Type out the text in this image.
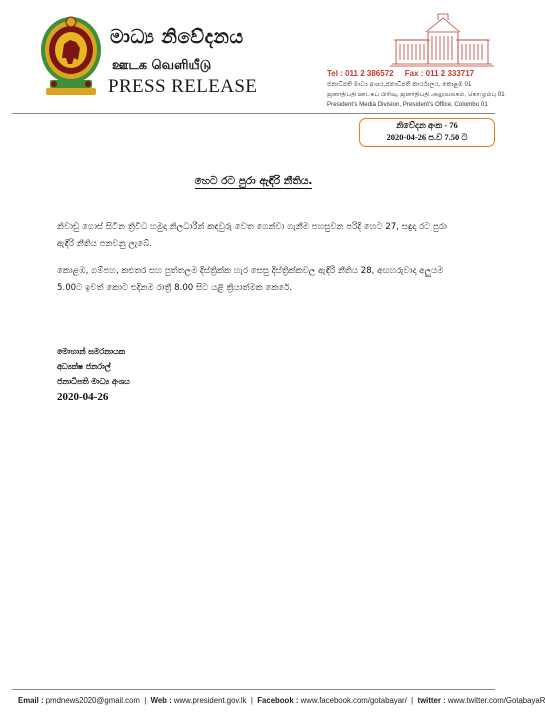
මාධ්‍ය නිවේදනය
ஊடக வெளியீடு
PRESS RELEASE
Tel : 011 2 386572 Fax : 011 2 333717
ජනාධිපති මාධ්‍ය අංශය,ජනාධිපති කාර්යාලය, කොළඹ 01
ஜனாதிபதி ஊடகப் பிரிவு, ஜனாதிபதி அலுவலகம், கொழும்பு 01
President's Media Division, President's Office, Colombo 01
නිවේදන අංක - 76
2020-04-26 ප.ව 7.50 ට
හෙට රට පුරා ඇඳිරි නීතිය.
නිවාඩු ගොස් සිටින ත්‍රිවිධ හමුදා නිලධාරීන් කඳවුරු වෙත ගෙන්වා ගැනීම පහසුවන පරිදි හෙට 27, සඳුදා රට පුරා ඇඳිරි නීතිය පනවනු ලැබේ.
කොළඹ, ගම්පහ, කළුතර සහ පුත්තලම දිස්ත්‍රික්ක හැර සෙසු දිස්ත්‍රික්කවල ඇඳිරි නීතිය 28, අඟහරුවාදා අලුයම 5.00ට ඉවත් කොට එදිනම රාත්‍රී 8.00 සිට යළි ක්‍රියාත්මක කෙරේ.
මොහාන් සමරනායක
අධ්‍යක්ෂ ජනරාල්
ජනාධිපති මාධ්‍ය අංශය
2020-04-26
Email : pmdnews2020@gmail.com  |  Web : www.president.gov.lk  |  Facebook : www.facebook.com/gotabayar/  |  twitter : www.twitter.com/GotabayaR
